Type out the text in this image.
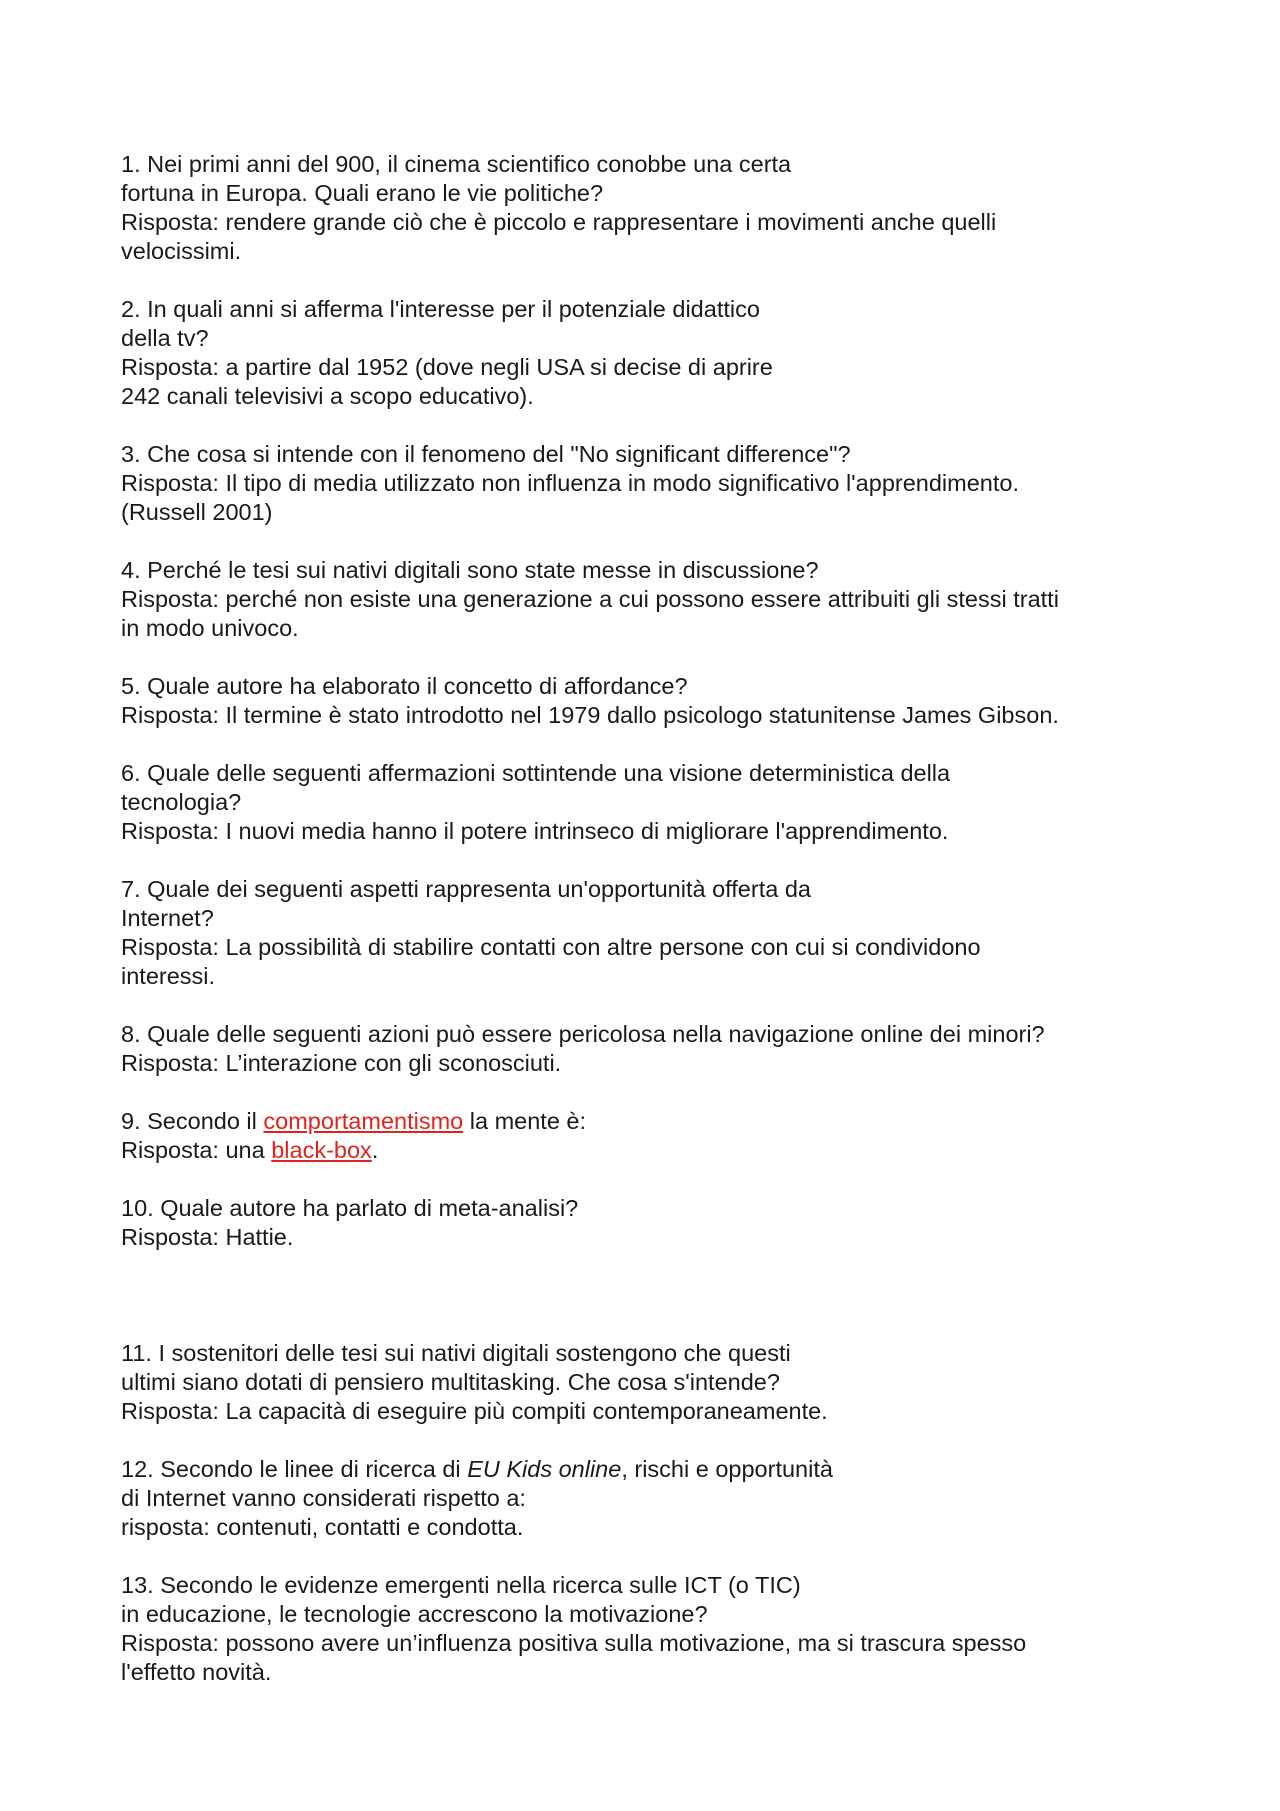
1. Nei primi anni del 900, il cinema scientifico conobbe una certa
fortuna in Europa. Quali erano le vie politiche?
Risposta: rendere grande ciò che è piccolo e rappresentare i movimenti anche quelli
velocissimi.
2. In quali anni si afferma l'interesse per il potenziale didattico
della tv?
Risposta: a partire dal 1952 (dove negli USA si decise di aprire
242 canali televisivi a scopo educativo).
3. Che cosa si intende con il fenomeno del "No significant difference"?
Risposta: Il tipo di media utilizzato non influenza in modo significativo l'apprendimento.
(Russell 2001)
4. Perché le tesi sui nativi digitali sono state messe in discussione?
Risposta: perché non esiste una generazione a cui possono essere attribuiti gli stessi tratti
in modo univoco.
5. Quale autore ha elaborato il concetto di affordance?
Risposta: Il termine è stato introdotto nel 1979 dallo psicologo statunitense James Gibson.
6. Quale delle seguenti affermazioni sottintende una visione deterministica della
tecnologia?
Risposta: I nuovi media hanno il potere intrinseco di migliorare l'apprendimento.
7. Quale dei seguenti aspetti rappresenta un'opportunità offerta da
Internet?
Risposta: La possibilità di stabilire contatti con altre persone con cui si condividono
interessi.
8. Quale delle seguenti azioni può essere pericolosa nella navigazione online dei minori?
Risposta: L’interazione con gli sconosciuti.
9. Secondo il comportamentismo la mente è:
Risposta: una black-box.
10. Quale autore ha parlato di meta-analisi?
Risposta: Hattie.
11. I sostenitori delle tesi sui nativi digitali sostengono che questi
ultimi siano dotati di pensiero multitasking. Che cosa s'intende?
Risposta: La capacità di eseguire più compiti contemporaneamente.
12. Secondo le linee di ricerca di EU Kids online, rischi e opportunità
di Internet vanno considerati rispetto a:
risposta: contenuti, contatti e condotta.
13. Secondo le evidenze emergenti nella ricerca sulle ICT (o TIC)
in educazione, le tecnologie accrescono la motivazione?
Risposta: possono avere un’influenza positiva sulla motivazione, ma si trascura spesso
l'effetto novità.
